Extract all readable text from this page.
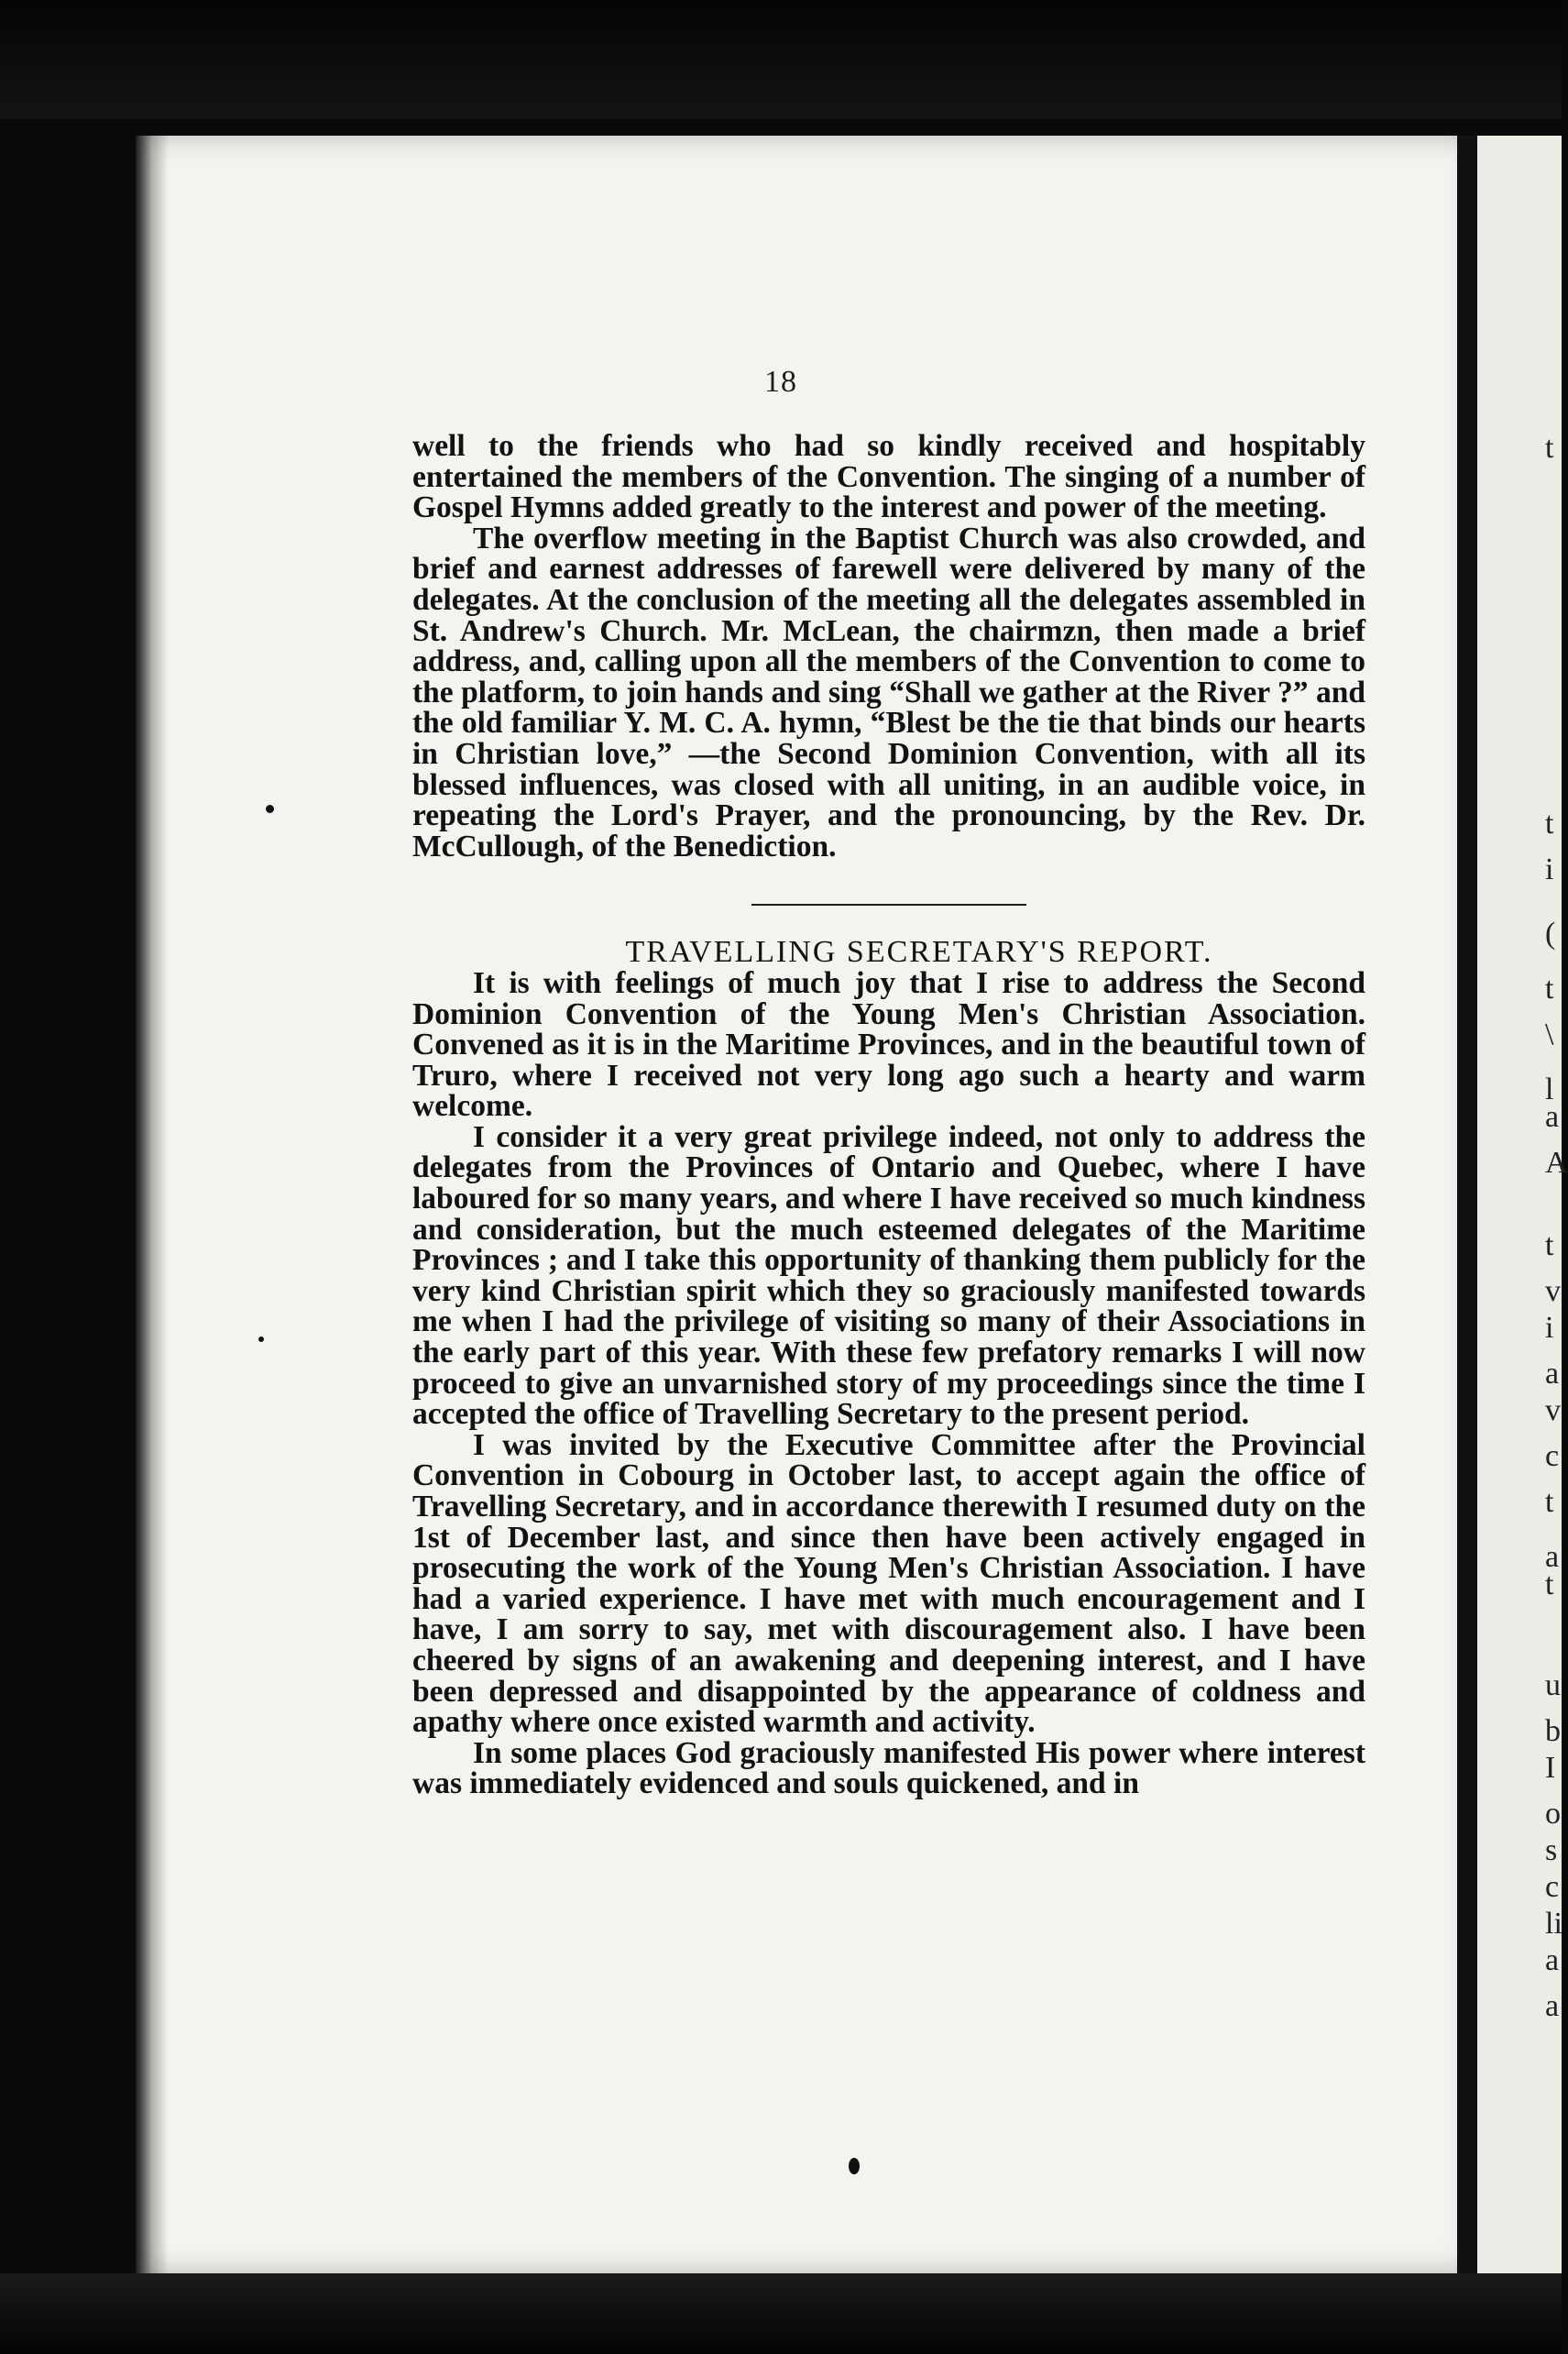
t
t
i
(
t
\
l
a
A
t
v
i
a
v
c
t
a
t
u
b
I
o
s
c
li
a
a
18

well to the friends who had so kindly received and hospitably entertained the members of the Convention. The singing of a number of Gospel Hymns added greatly to the interest and power of the meeting.

The overflow meeting in the Baptist Church was also crowded, and brief and earnest addresses of farewell were delivered by many of the delegates. At the conclusion of the meeting all the delegates assembled in St. Andrew's Church. Mr. McLean, the chairmzn, then made a brief address, and, calling upon all the members of the Convention to come to the platform, to join hands and sing “Shall we gather at the River ?” and the old familiar Y. M. C. A. hymn, “Blest be the tie that binds our hearts in Christian love,” —the Second Dominion Convention, with all its blessed influences, was closed with all uniting, in an audible voice, in repeating the Lord's Prayer, and the pronouncing, by the Rev. Dr. McCullough, of the Benediction.

TRAVELLING SECRETARY'S REPORT.

It is with feelings of much joy that I rise to address the Second Dominion Convention of the Young Men's Christian Association. Convened as it is in the Maritime Provinces, and in the beautiful town of Truro, where I received not very long ago such a hearty and warm welcome.

I consider it a very great privilege indeed, not only to address the delegates from the Provinces of Ontario and Quebec, where I have laboured for so many years, and where I have received so much kindness and consideration, but the much esteemed delegates of the Maritime Provinces ; and I take this opportunity of thanking them publicly for the very kind Christian spirit which they so graciously manifested towards me when I had the privilege of visiting so many of their Associations in the early part of this year. With these few prefatory remarks I will now proceed to give an unvarnished story of my proceedings since the time I accepted the office of Travelling Secretary to the present period.

I was invited by the Executive Committee after the Provincial Convention in Cobourg in October last, to accept again the office of Travelling Secretary, and in accordance therewith I resumed duty on the 1st of December last, and since then have been actively engaged in prosecuting the work of the Young Men's Christian Association. I have had a varied experience. I have met with much encouragement and I have, I am sorry to say, met with discouragement also. I have been cheered by signs of an awakening and deepening interest, and I have been depressed and disappointed by the appearance of coldness and apathy where once existed warmth and activity.

In some places God graciously manifested His power where interest was immediately evidenced and souls quickened, and in
